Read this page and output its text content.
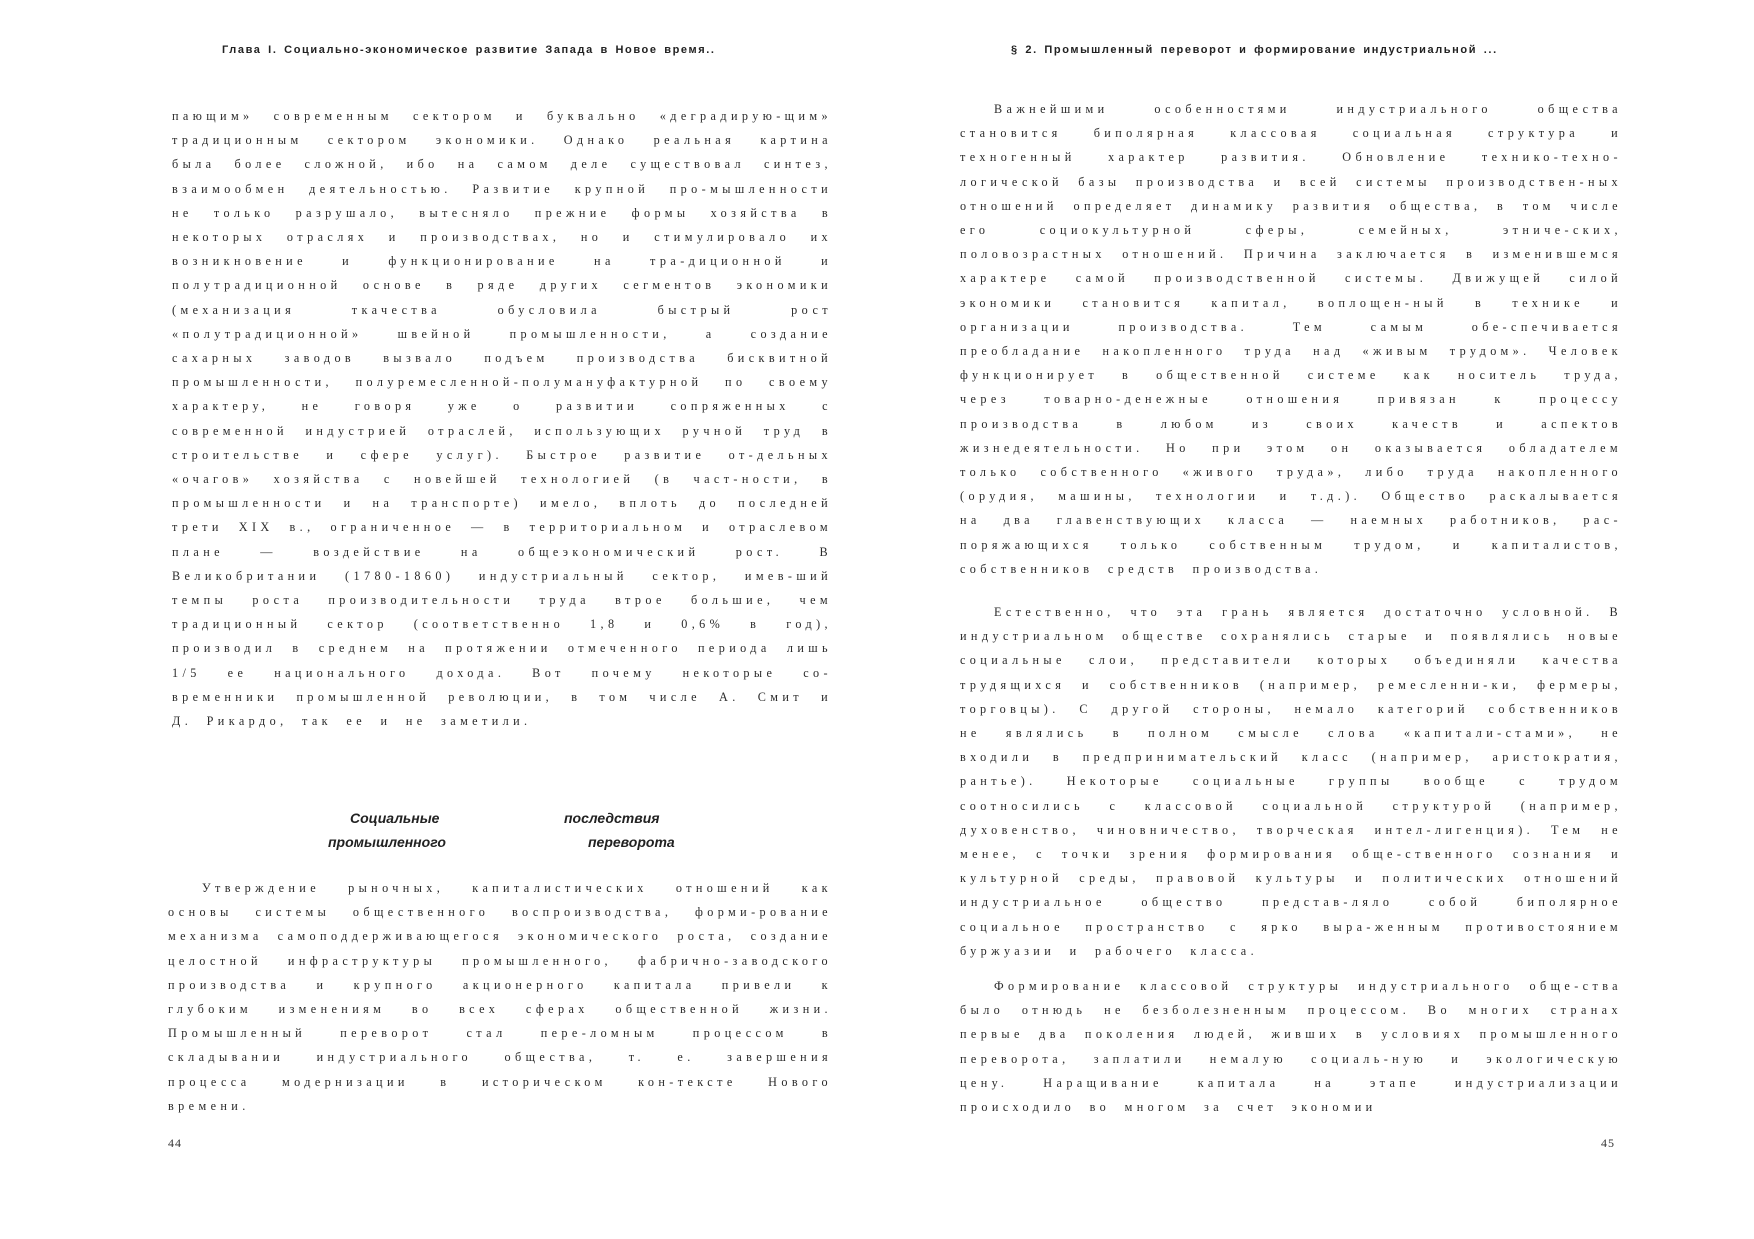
Глава I. Социально-экономическое развитие Запада в Новое время..

пающим» современным сектором и буквально «деградирую-щим» традиционным сектором экономики. Однако реальная картина была более сложной, ибо на самом деле существовал синтез, взаимообмен деятельностью. Развитие крупной про-мышленности не только разрушало, вытесняло прежние формы хозяйства в некоторых отраслях и производствах, но и стимулировало их возникновение и функционирование на тра-диционной и полутрадиционной основе в ряде других сегментов экономики (механизация ткачества обусловила быстрый рост «полутрадиционной» швейной промышленности, а создание сахарных заводов вызвало подъем производства бисквитной промышленности, полуремесленной-полумануфактурной по своему характеру, не говоря уже о развитии сопряженных с современной индустрией отраслей, использующих ручной труд в строительстве и сфере услуг). Быстрое развитие от-дельных «очагов» хозяйства с новейшей технологией (в част-ности, в промышленности и на транспорте) имело, вплоть до последней трети XIX в., ограниченное — в территориальном и отраслевом плане — воздействие на общеэкономический рост. В Великобритании (1780-1860) индустриальный сектор, имев-ший темпы роста производительности труда втрое большие, чем традиционный сектор (соответственно 1,8 и 0,6% в год), производил в среднем на протяжении отмеченного периода лишь 1/5 ее национального дохода. Вот почему некоторые со-временники промышленной революции, в том числе А. Смит и Д. Рикардо, так ее и не заметили.

Социальные	последствия
промышленного	переворота

Утверждение рыночных, капиталистических отношений как основы системы общественного воспроизводства, форми-рование механизма самоподдерживающегося экономического роста, создание целостной инфраструктуры промышленного, фабрично-заводского производства и крупного акционерного капитала привели к глубоким изменениям во всех сферах общественной жизни. Промышленный переворот стал пере-ломным процессом в складывании индустриального общества, т. е. завершения процесса модернизации в историческом кон-тексте Нового времени.

44
§ 2. Промышленный переворот и формирование индустриальной ...

Важнейшими особенностями индустриального общества становится биполярная классовая социальная структура и техногенный характер развития. Обновление технико-техно-логической базы производства и всей системы производствен-ных отношений определяет динамику развития общества, в том числе его социокультурной сферы, семейных, этниче-ских, половозрастных отношений. Причина заключается в изменившемся характере самой производственной системы. Движущей силой экономики становится капитал, воплощен-ный в технике и организации производства. Тем самым обе-спечивается преобладание накопленного труда над «живым трудом». Человек функционирует в общественной системе как носитель труда, через товарно-денежные отношения привязан к процессу производства в любом из своих качеств и аспектов жизнедеятельности. Но при этом он оказывается обладателем только собственного «живого труда», либо труда накопленного (орудия, машины, технологии и т.д.). Общество раскалывается на два главенствующих класса — наемных работников, рас-поряжающихся только собственным трудом, и капиталистов, собственников средств производства.

Естественно, что эта грань является достаточно условной. В индустриальном обществе сохранялись старые и появлялись новые социальные слои, представители которых объединяли качества трудящихся и собственников (например, ремесленни-ки, фермеры, торговцы). С другой стороны, немало категорий собственников не являлись в полном смысле слова «капитали-стами», не входили в предпринимательский класс (например, аристократия, рантье). Некоторые социальные группы вообще с трудом соотносились с классовой социальной структурой (например, духовенство, чиновничество, творческая интел-лигенция). Тем не менее, с точки зрения формирования обще-ственного сознания и культурной среды, правовой культуры и политических отношений индустриальное общество представ-ляло собой биполярное социальное пространство с ярко выра-женным противостоянием буржуазии и рабочего класса.

Формирование классовой структуры индустриального обще-ства было отнюдь не безболезненным процессом. Во многих странах первые два поколения людей, живших в условиях промышленного переворота, заплатили немалую социаль-ную и экологическую цену. Наращивание капитала на этапе индустриализации происходило во многом за счет экономии

45
